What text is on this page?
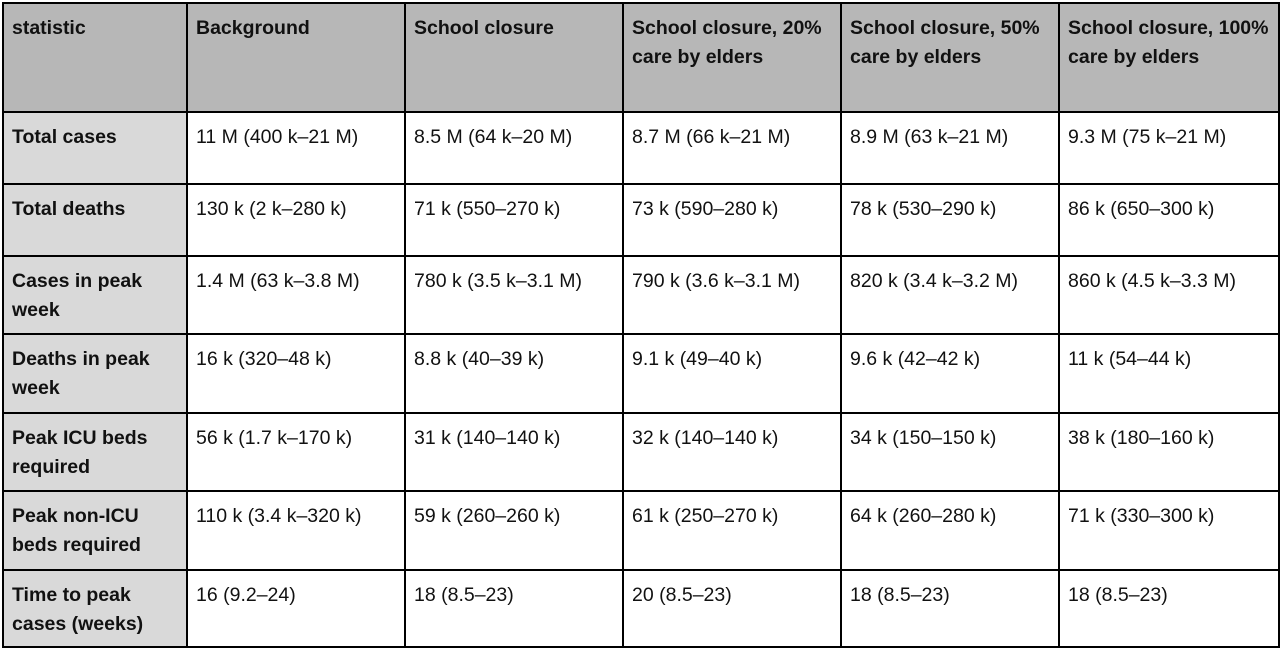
statistic	Background	School closure	School closure, 20% care by elders	School closure, 50% care by elders	School closure, 100% care by elders
Total cases	11 M (400 k–21 M)	8.5 M (64 k–20 M)	8.7 M (66 k–21 M)	8.9 M (63 k–21 M)	9.3 M (75 k–21 M)
Total deaths	130 k (2 k–280 k)	71 k (550–270 k)	73 k (590–280 k)	78 k (530–290 k)	86 k (650–300 k)
Cases in peak week	1.4 M (63 k–3.8 M)	780 k (3.5 k–3.1 M)	790 k (3.6 k–3.1 M)	820 k (3.4 k–3.2 M)	860 k (4.5 k–3.3 M)
Deaths in peak week	16 k (320–48 k)	8.8 k (40–39 k)	9.1 k (49–40 k)	9.6 k (42–42 k)	11 k (54–44 k)
Peak ICU beds required	56 k (1.7 k–170 k)	31 k (140–140 k)	32 k (140–140 k)	34 k (150–150 k)	38 k (180–160 k)
Peak non-ICU beds required	110 k (3.4 k–320 k)	59 k (260–260 k)	61 k (250–270 k)	64 k (260–280 k)	71 k (330–300 k)
Time to peak cases (weeks)	16 (9.2–24)	18 (8.5–23)	20 (8.5–23)	18 (8.5–23)	18 (8.5–23)
